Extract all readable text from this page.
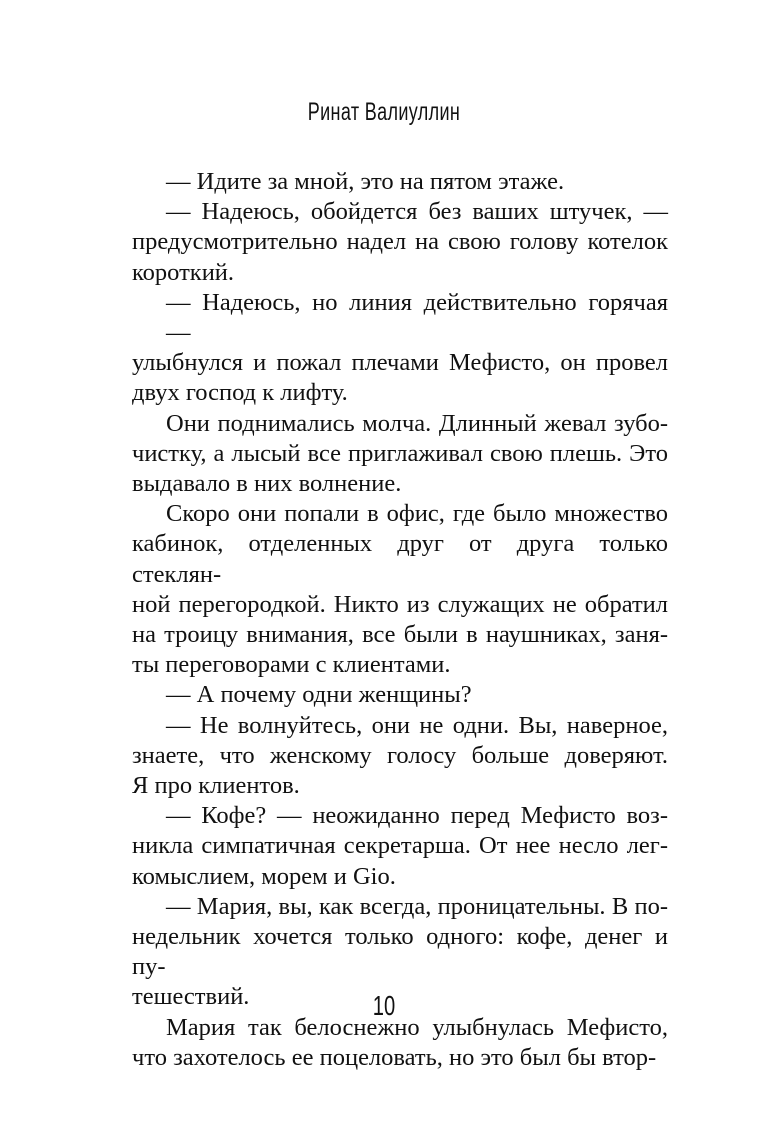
Ринат Валиуллин
— Идите за мной, это на пятом этаже.
— Надеюсь, обойдется без ваших штучек, —
предусмотрительно надел на свою голову котелок
короткий.
— Надеюсь, но линия действительно горячая —
улыбнулся и пожал плечами Мефисто, он провел
двух господ к лифту.
Они поднимались молча. Длинный жевал зубо-
чистку, а лысый все приглаживал свою плешь. Это
выдавало в них волнение.
Скоро они попали в офис, где было множество
кабинок, отделенных друг от друга только стеклян-
ной перегородкой. Никто из служащих не обратил
на троицу внимания, все были в наушниках, заня-
ты переговорами с клиентами.
— А почему одни женщины?
— Не волнуйтесь, они не одни. Вы, наверное,
знаете, что женскому голосу больше доверяют.
Я про клиентов.
— Кофе? — неожиданно перед Мефисто воз-
никла симпатичная секретарша. От нее несло лег-
комыслием, морем и Gio.
— Мария, вы, как всегда, проницательны. В по-
недельник хочется только одного: кофе, денег и пу-
тешествий.
Мария так белоснежно улыбнулась Мефисто,
что захотелось ее поцеловать, но это был бы втор-
10
